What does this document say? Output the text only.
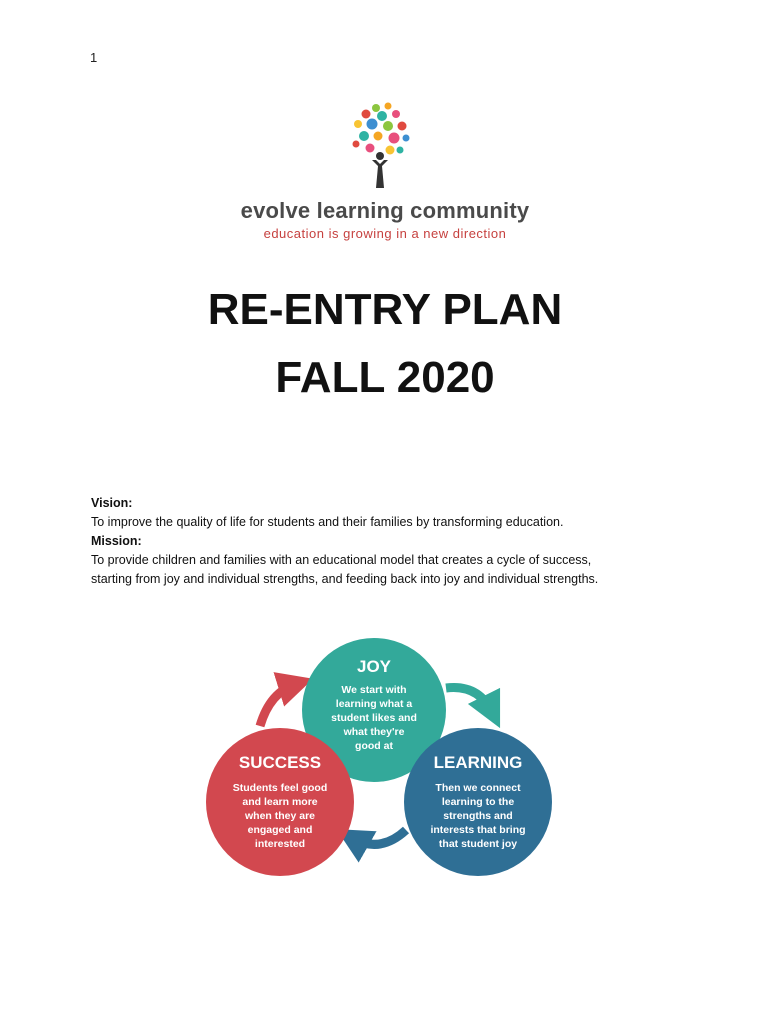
1
evolve learning community
education is growing in a new direction
RE-ENTRY PLAN
FALL 2020
Vision:
To improve the quality of life for students and their families by transforming education.
Mission:
To provide children and families with an educational model that creates a cycle of success,
starting from joy and individual strengths, and feeding back into joy and individual strengths.
JOY
We start with
learning what a
student likes and
what they're
good at
LEARNING
Then we connect
learning to the
strengths and
interests that bring
that student joy
SUCCESS
Students feel good
and learn more
when they are
engaged and
interested
